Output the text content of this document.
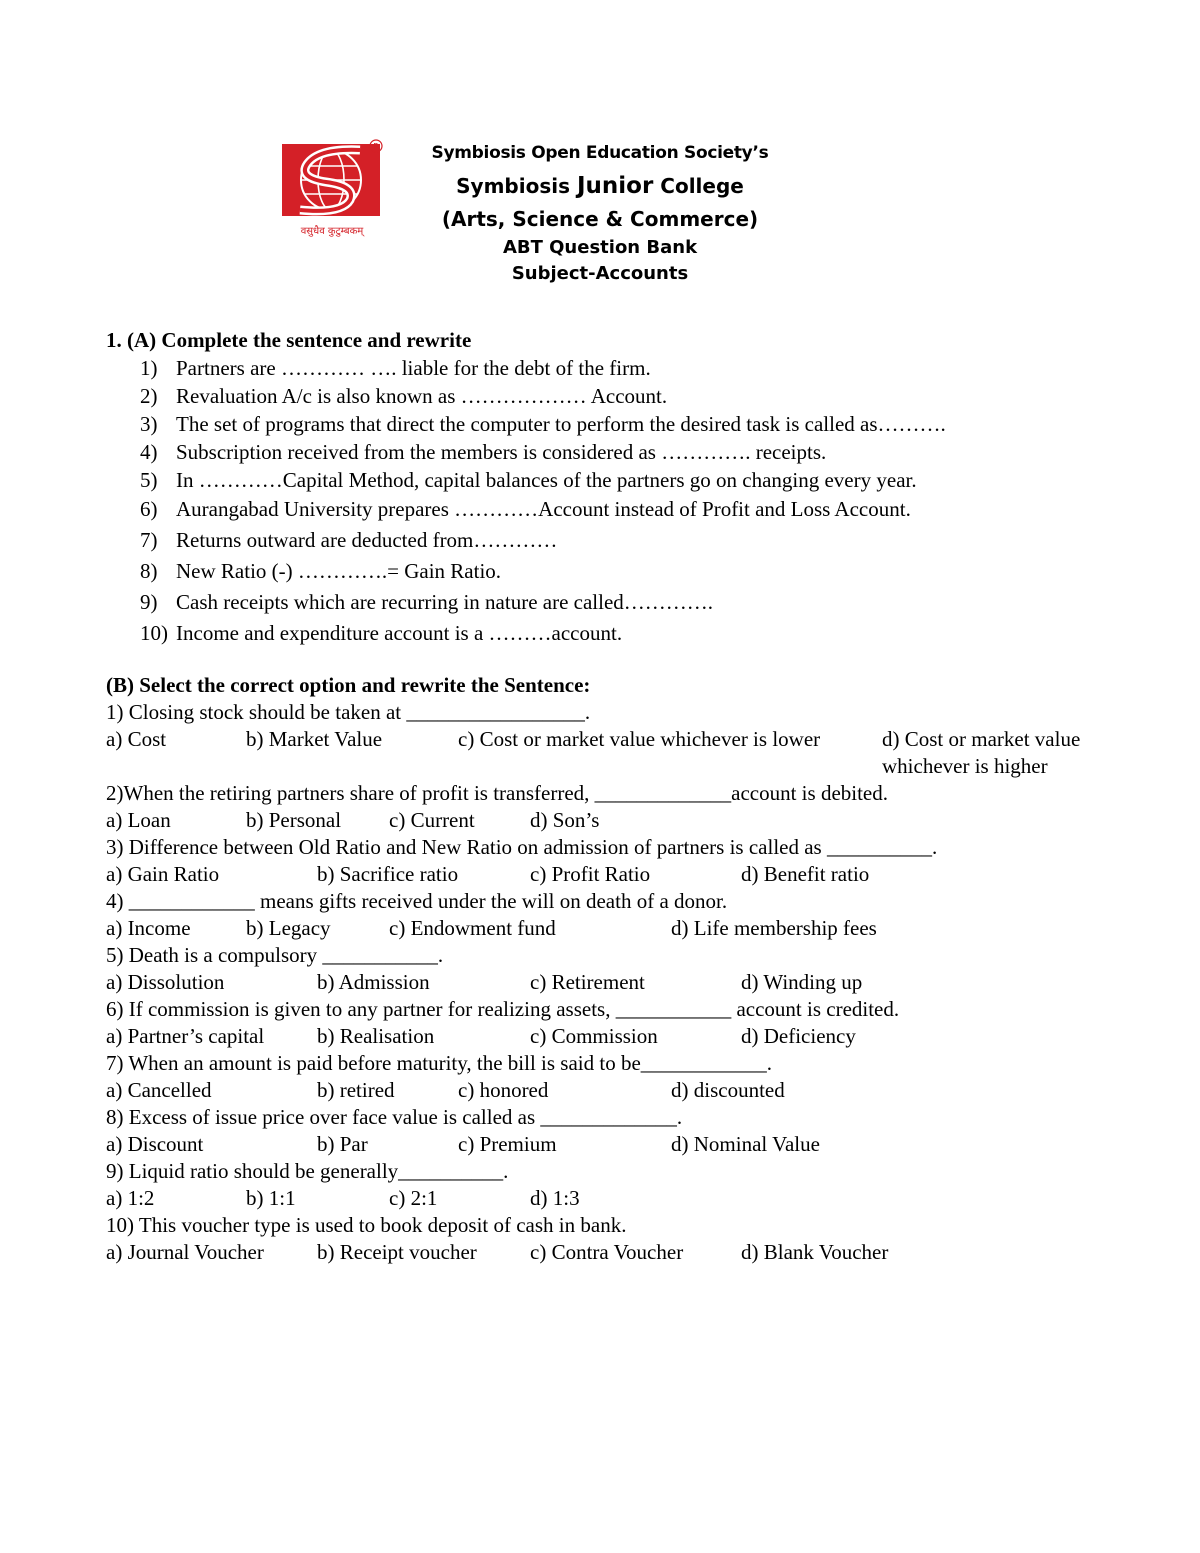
R
वसुधैव कुटुम्बकम्
Symbiosis Open Education Society’s
Symbiosis Junior College
(Arts, Science & Commerce)
ABT Question Bank
Subject-Accounts
1. (A) Complete the sentence and rewrite
1) Partners are ………… …. liable for the debt of the firm.
2) Revaluation A/c is also known as ……………… Account.
3) The set of programs that direct the computer to perform the desired task is called as……….
4) Subscription received from the members is considered as …………. receipts.
5) In …………Capital Method, capital balances of the partners go on changing every year.
6) Aurangabad University prepares …………Account instead of Profit and Loss Account.
7) Returns outward are deducted from…………
8) New Ratio (-) ………….= Gain Ratio.
9) Cash receipts which are recurring in nature are called………….
10) Income and expenditure account is a ………account.
(B) Select the correct option and rewrite the Sentence:
1) Closing stock should be taken at _________________.
a) Cost	b) Market Value	c) Cost or market value whichever is lower	d) Cost or market value whichever is higher
2)When the retiring partners share of profit is transferred, _____________account is debited.
a) Loan	b) Personal c) Current	d) Son’s
3) Difference between Old Ratio and New Ratio on admission of partners is called as __________.
a) Gain Ratio	b) Sacrifice ratio	c) Profit Ratio	d) Benefit ratio
4) ____________ means gifts received under the will on death of a donor.
a) Income	b) Legacy	c) Endowment fund	d) Life membership fees
5) Death is a compulsory ___________.
a) Dissolution	b) Admission	c) Retirement	d) Winding up
6) If commission is given to any partner for realizing assets, ___________ account is credited.
a) Partner’s capital	b) Realisation	c) Commission	d) Deficiency
7) When an amount is paid before maturity, the bill is said to be____________.
a) Cancelled	b) retired	c) honored	d) discounted
8) Excess of issue price over face value is called as _____________.
a) Discount	b) Par	c) Premium	d) Nominal Value
9) Liquid ratio should be generally__________.
a) 1:2	b) 1:1	c) 2:1	d) 1:3
10) This voucher type is used to book deposit of cash in bank.
a) Journal Voucher	b) Receipt voucher	c) Contra Voucher	d) Blank Voucher
